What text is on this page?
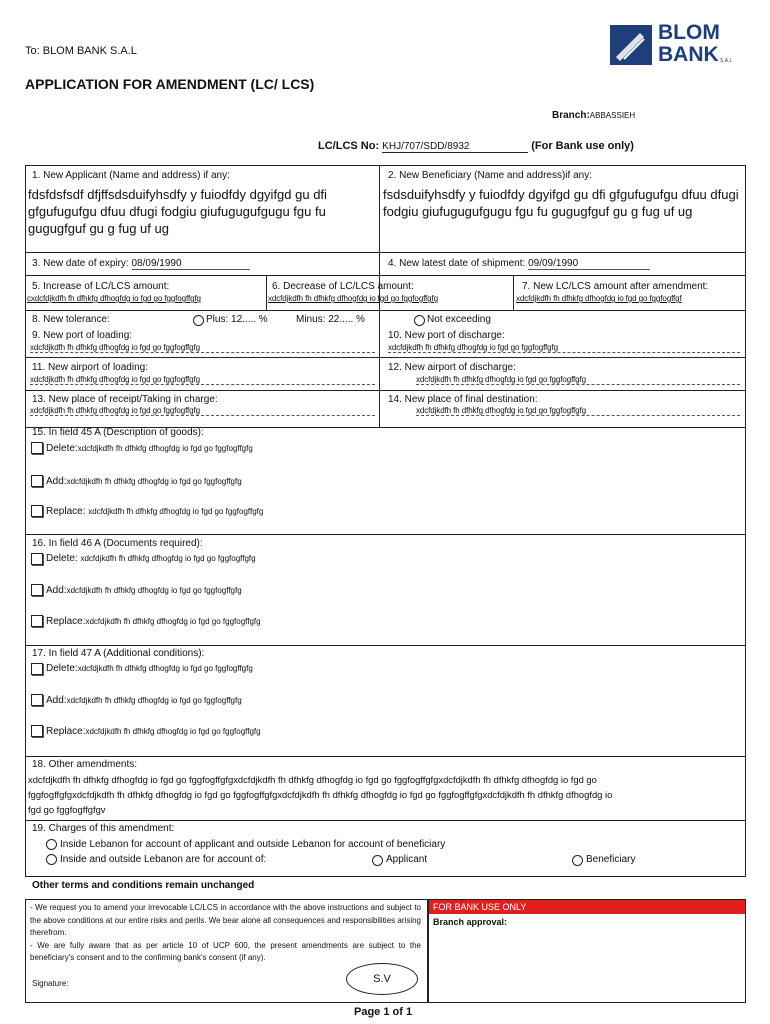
To: BLOM BANK S.A.L
BLOM
BANK S.A.L
APPLICATION FOR AMENDMENT (LC/ LCS)
Branch:ABBASSIEH
LC/LCS No: KHJ/707/SDD/8932	(For Bank use only)
1. New Applicant (Name and address) if any:
fdsfdsfsdf dfjffsdsduifyhsdfy y fuiodfdy dgyifgd gu dfi gfgufugufgu dfuu dfugi fodgiu giufugugufgugu fgu fu gugugfguf gu g fug uf ug
2. New Beneficiary (Name and address)if any:
fsdsduifyhsdfy y fuiodfdy dgyifgd gu dfi gfgufugufgu dfuu dfugi fodgiu giufugugufgugu fgu fu gugugfguf gu g fug uf ug
3. New date of expiry: 08/09/1990	4. New latest date of shipment: 09/09/1990
5. Increase of LC/LCS amount:
cxdcfdjkdfh fh dfhkfg dfhogfdg io fgd go fggfogffgfg
6. Decrease of LC/LCS amount:
xdcfdjkdfh fh dfhkfg dfhogfdg io fgd go fggfogffgfg
7. New LC/LCS amount after amendment:
xdcfdjkdfh fh dfhkfg dfhogfdg io fgd go fggfogffgf
8. New tolerance:	Plus: 12..... %	Minus: 22..... %	Not exceeding
9. New port of loading:
xdcfdjkdfh fh dfhkfg dfhogfdg io fgd go fggfogffgfg
10. New port of discharge:
xdcfdjkdfh fh dfhkfg dfhogfdg io fgd go fggfogffgfg
11. New airport of loading:
xdcfdjkdfh fh dfhkfg dfhogfdg io fgd go fggfogffgfg
12. New airport of discharge:
xdcfdjkdfh fh dfhkfg dfhogfdg io fgd go fggfogffgfg
13. New place of receipt/Taking in charge:
xdcfdjkdfh fh dfhkfg dfhogfdg io fgd go fggfogffgfg
14. New place of final destination:
xdcfdjkdfh fh dfhkfg dfhogfdg io fgd go fggfogffgfg
15. In field 45 A (Description of goods):
Delete:xdcfdjkdfh fh dfhkfg dfhogfdg io fgd go fggfogffgfg
Add:xdcfdjkdfh fh dfhkfg dfhogfdg io fgd go fggfogffgfg
Replace: xdcfdjkdfh fh dfhkfg dfhogfdg io fgd go fggfogffgfg
16. In field 46 A (Documents required):
Delete: xdcfdjkdfh fh dfhkfg dfhogfdg io fgd go fggfogffgfg
Add:xdcfdjkdfh fh dfhkfg dfhogfdg io fgd go fggfogffgfg
Replace:xdcfdjkdfh fh dfhkfg dfhogfdg io fgd go fggfogffgfg
17. In field 47 A (Additional conditions):
Delete:xdcfdjkdfh fh dfhkfg dfhogfdg io fgd go fggfogffgfg
Add:xdcfdjkdfh fh dfhkfg dfhogfdg io fgd go fggfogffgfg
Replace:xdcfdjkdfh fh dfhkfg dfhogfdg io fgd go fggfogffgfg
18. Other amendments:
xdcfdjkdfh fh dfhkfg dfhogfdg io fgd go fggfogffgfgxdcfdjkdfh fh dfhkfg dfhogfdg io fgd go fggfogffgfgxdcfdjkdfh fh dfhkfg dfhogfdg io fgd go
fggfogffgfgxdcfdjkdfh fh dfhkfg dfhogfdg io fgd go fggfogffgfgxdcfdjkdfh fh dfhkfg dfhogfdg io fgd go fggfogffgfgxdcfdjkdfh fh dfhkfg dfhogfdg io
fgd go fggfogffgfgv
19. Charges of this amendment:
Inside Lebanon for account of applicant and outside Lebanon for account of beneficiary
Inside and outside Lebanon are for account of:	Applicant	Beneficiary
Other terms and conditions remain unchanged
- We request you to amend your irrevocable LC/LCS in accordance with the above instructions and subject to the above conditions at our entire risks and perils. We bear alone all consequences and responsibilities arising therefrom.
- We are fully aware that as per article 10 of UCP 600, the present amendments are subject to the beneficiary's consent and to the confirming bank's consent (if any).
Signature:	S.V
FOR BANK USE ONLY
Branch approval:
Page 1 of 1
